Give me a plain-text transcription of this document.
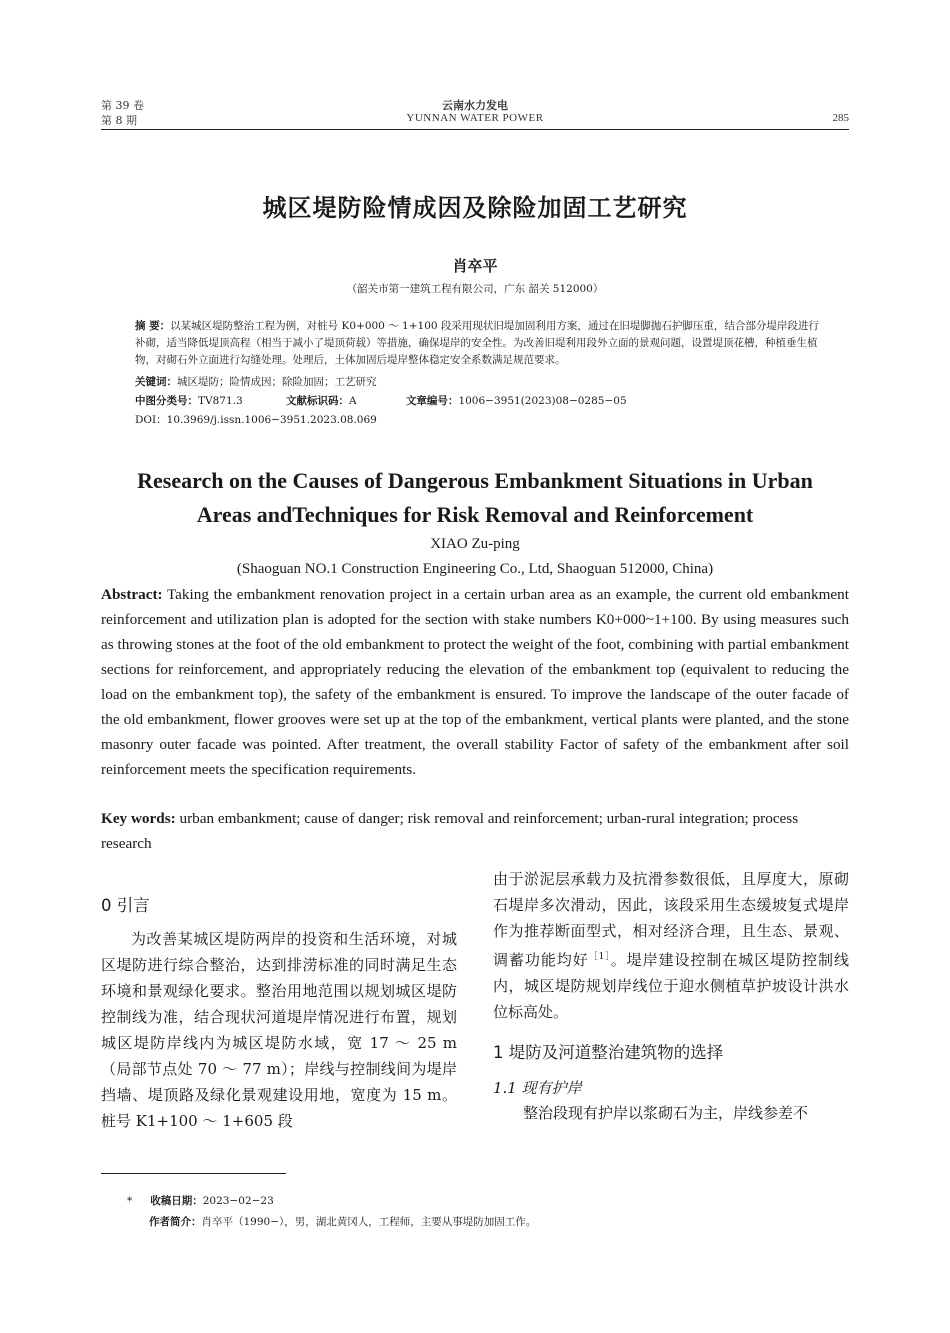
第 39 卷
第 8 期
云南水力发电
YUNNAN WATER POWER	285
城区堤防险情成因及除险加固工艺研究
肖卒平
（韶关市第一建筑工程有限公司，广东 韶关 512000）
摘 要：以某城区堤防整治工程为例，对桩号 K0+000 ～ 1+100 段采用现状旧堤加固利用方案，通过在旧堤脚抛石护脚压重，结合部分堤岸段进行补砌，适当降低堤顶高程（相当于减小了堤顶荷载）等措施，确保堤岸的安全性。为改善旧堤利用段外立面的景观问题，设置堤顶花槽，种植垂生植物，对砌石外立面进行勾缝处理。处理后，土体加固后堤岸整体稳定安全系数满足规范要求。
关键词：城区堤防；险情成因；除险加固；工艺研究
中图分类号：TV871.3	文献标识码：A	文章编号：1006−3951(2023)08−0285−05
DOI：10.3969/j.issn.1006−3951.2023.08.069
Research on the Causes of Dangerous Embankment Situations in Urban
Areas andTechniques for Risk Removal and Reinforcement
XIAO Zu-ping
(Shaoguan NO.1 Construction Engineering Co., Ltd, Shaoguan 512000, China)
Abstract: Taking the embankment renovation project in a certain urban area as an example, the current old embankment reinforcement and utilization plan is adopted for the section with stake numbers K0+000~1+100. By using measures such as throwing stones at the foot of the old embankment to protect the weight of the foot, combining with partial embankment sections for reinforcement, and appropriately reducing the elevation of the embankment top (equivalent to reducing the load on the embankment top), the safety of the embankment is ensured. To improve the landscape of the outer facade of the old embankment, flower grooves were set up at the top of the embankment, vertical plants were planted, and the stone masonry outer facade was pointed. After treatment, the overall stability Factor of safety of the embankment after soil reinforcement meets the specification requirements.
Key words: urban embankment; cause of danger; risk removal and reinforcement; urban-rural integration; process research
0 引言
为改善某城区堤防两岸的投资和生活环境，对城区堤防进行综合整治，达到排涝标准的同时满足生态环境和景观绿化要求。整治用地范围以规划城区堤防控制线为准，结合现状河道堤岸情况进行布置，规划城区堤防岸线内为城区堤防水域，宽 17 ～ 25 m（局部节点处 70 ～ 77 m）；岸线与控制线间为堤岸挡墙、堤顶路及绿化景观建设用地，宽度为 15 m。桩号 K1+100 ～ 1+605 段
由于淤泥层承载力及抗滑参数很低，且厚度大，原砌石堤岸多次滑动，因此，该段采用生态缓坡复式堤岸作为推荐断面型式，相对经济合理，且生态、景观、调蓄功能均好$^{[1]}$。堤岸建设控制在城区堤防控制线内，城区堤防规划岸线位于迎水侧植草护坡设计洪水位标高处。
1 堤防及河道整治建筑物的选择
1.1 现有护岸
整治段现有护岸以浆砌石为主，岸线参差不
* 收稿日期：2023−02−23
作者简介：肖卒平（1990−），男，湖北黄冈人，工程师，主要从事堤防加固工作。
